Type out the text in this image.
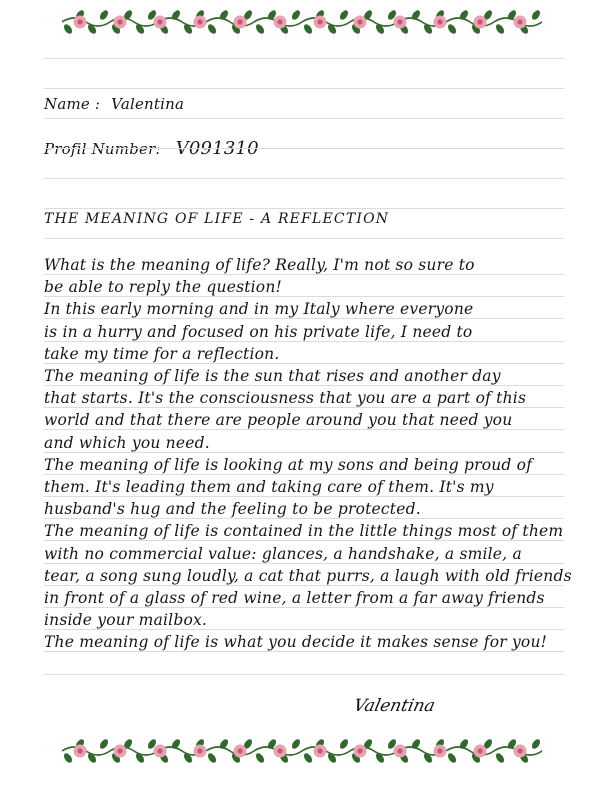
Name : Valentina
Profil Number: V091310
THE MEANING OF LIFE - A REFLECTION
What is the meaning of life? Really, I'm not so sure to
be able to reply the question!
In this early morning and in my Italy where everyone
is in a hurry and focused on his private life, I need to
take my time for a reflection.
The meaning of life is the sun that rises and another day
that starts. It's the consciousness that you are a part of this
world and that there are people around you that need you
and which you need.
The meaning of life is looking at my sons and being proud of
them. It's leading them and taking care of them. It's my
husband's hug and the feeling to be protected.
The meaning of life is contained in the little things most of them
with no commercial value: glances, a handshake, a smile, a
tear, a song sung loudly, a cat that purrs, a laugh with old friends
in front of a glass of red wine, a letter from a far away friends
inside your mailbox.
The meaning of life is what you decide it makes sense for you!
Valentina
